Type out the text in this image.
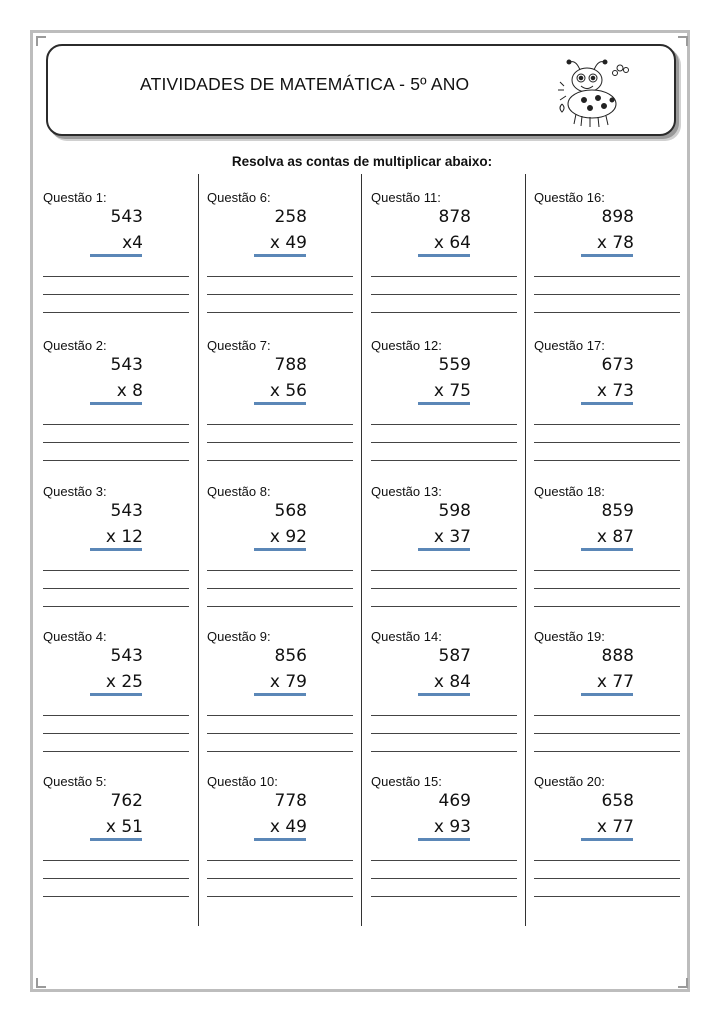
ATIVIDADES DE MATEMÁTICA - 5º ANO
Resolva as contas de multiplicar abaixo:
Questão 1:
543
x4
Questão 2:
543
x 8
Questão 3:
543
x 12
Questão 4:
543
x 25
Questão 5:
762
x 51
Questão 6:
258
x 49
Questão 7:
788
x 56
Questão 8:
568
x 92
Questão 9:
856
x 79
Questão 10:
778
x 49
Questão 11:
878
x 64
Questão 12:
559
x 75
Questão 13:
598
x 37
Questão 14:
587
x 84
Questão 15:
469
x 93
Questão 16:
898
x 78
Questão 17:
673
x 73
Questão 18:
859
x 87
Questão 19:
888
x 77
Questão 20:
658
x 77
